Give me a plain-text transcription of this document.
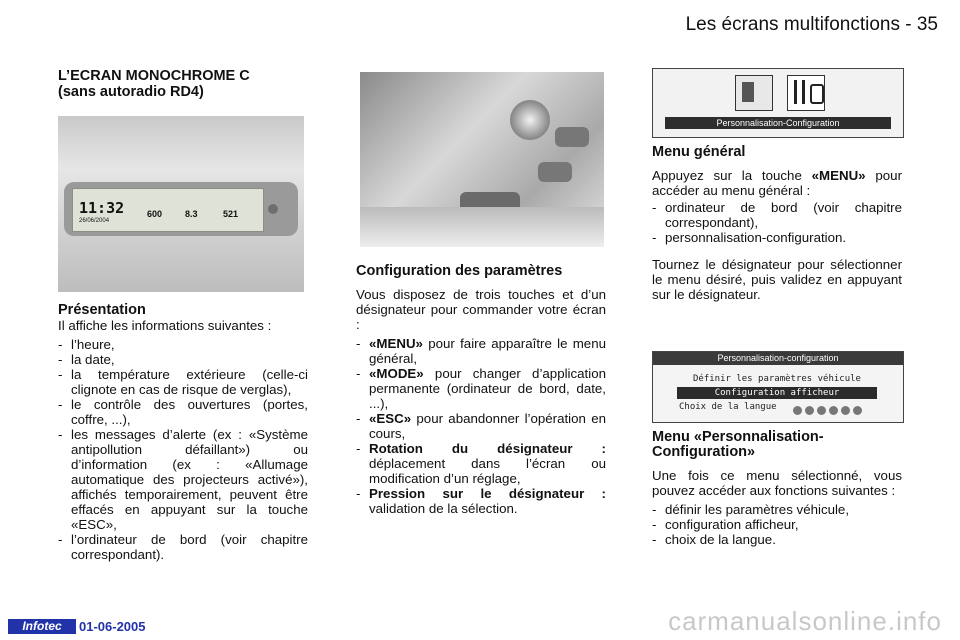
Les écrans multifonctions - 35

L’ECRAN MONOCHROME C

(sans autoradio RD4)

11:32
26/06/2004
600	8.3	521

Présentation

Il affiche les informations suivantes :

- l’heure,
- la date,
- la température extérieure (celle-ci clignote en cas de risque de verglas),
- le contrôle des ouvertures (portes, coffre, ...),
- les messages d’alerte (ex : «Système antipollution défaillant») ou d’information (ex : «Allumage automatique des projecteurs activé»), affichés temporairement, peuvent être effacés en appuyant sur la touche «ESC»,
- l’ordinateur de bord (voir chapitre correspondant).

Configuration des paramètres

Vous disposez de trois touches et d’un désignateur pour commander votre écran :

- «MENU» pour faire apparaître le menu général,
- «MODE» pour changer d’application permanente (ordinateur de bord, date, ...),
- «ESC» pour abandonner l’opération en cours,
- Rotation du désignateur : déplacement dans l’écran ou modification d’un réglage,
- Pression sur le désignateur : validation de la sélection.
Personnalisation-Configuration

Menu général

Appuyez sur la touche «MENU» pour accéder au menu général :

- ordinateur de bord (voir chapitre correspondant),
- personnalisation-configuration.

Tournez le désignateur pour sélectionner le menu désiré, puis validez en appuyant sur le désignateur.

Personnalisation-configuration
Définir les paramètres véhicule
Configuration afficheur
Choix de la langue

Menu «Personnalisation-

Configuration»

Une fois ce menu sélectionné, vous pouvez accéder aux fonctions suivantes :

- définir les paramètres véhicule,
- configuration afficheur,
- choix de la langue.
Infotec	01-06-2005	carmanualsonline.info
